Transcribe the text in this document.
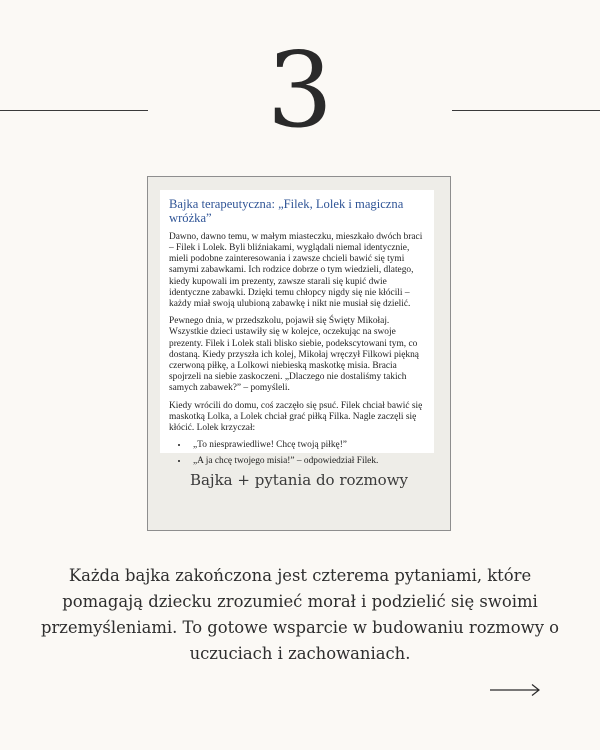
3
Bajka terapeutyczna: „Filek, Lolek i magiczna wróżka”

Dawno, dawno temu, w małym miasteczku, mieszkało dwóch braci – Filek i Lolek. Byli bliźniakami, wyglądali niemal identycznie, mieli podobne zainteresowania i zawsze chcieli bawić się tymi samymi zabawkami. Ich rodzice dobrze o tym wiedzieli, dlatego, kiedy kupowali im prezenty, zawsze starali się kupić dwie identyczne zabawki. Dzięki temu chłopcy nigdy się nie kłócili – każdy miał swoją ulubioną zabawkę i nikt nie musiał się dzielić.

Pewnego dnia, w przedszkolu, pojawił się Święty Mikołaj. Wszystkie dzieci ustawiły się w kolejce, oczekując na swoje prezenty. Filek i Lolek stali blisko siebie, podekscytowani tym, co dostaną. Kiedy przyszła ich kolej, Mikołaj wręczył Filkowi piękną czerwoną piłkę, a Lolkowi niebieską maskotkę misia. Bracia spojrzeli na siebie zaskoczeni. „Dlaczego nie dostaliśmy takich samych zabawek?” – pomyśleli.

Kiedy wrócili do domu, coś zaczęło się psuć. Filek chciał bawić się maskotką Lolka, a Lolek chciał grać piłką Filka. Nagle zaczęli się kłócić. Lolek krzyczał:

• „To niesprawiedliwe! Chcę twoją piłkę!”
• „A ja chcę twojego misia!” – odpowiedział Filek.
Bajka + pytania do rozmowy

Każda bajka zakończona jest czterema pytaniami, które pomagają dziecku zrozumieć morał i podzielić się swoimi przemyśleniami. To gotowe wsparcie w budowaniu rozmowy o uczuciach i zachowaniach.
